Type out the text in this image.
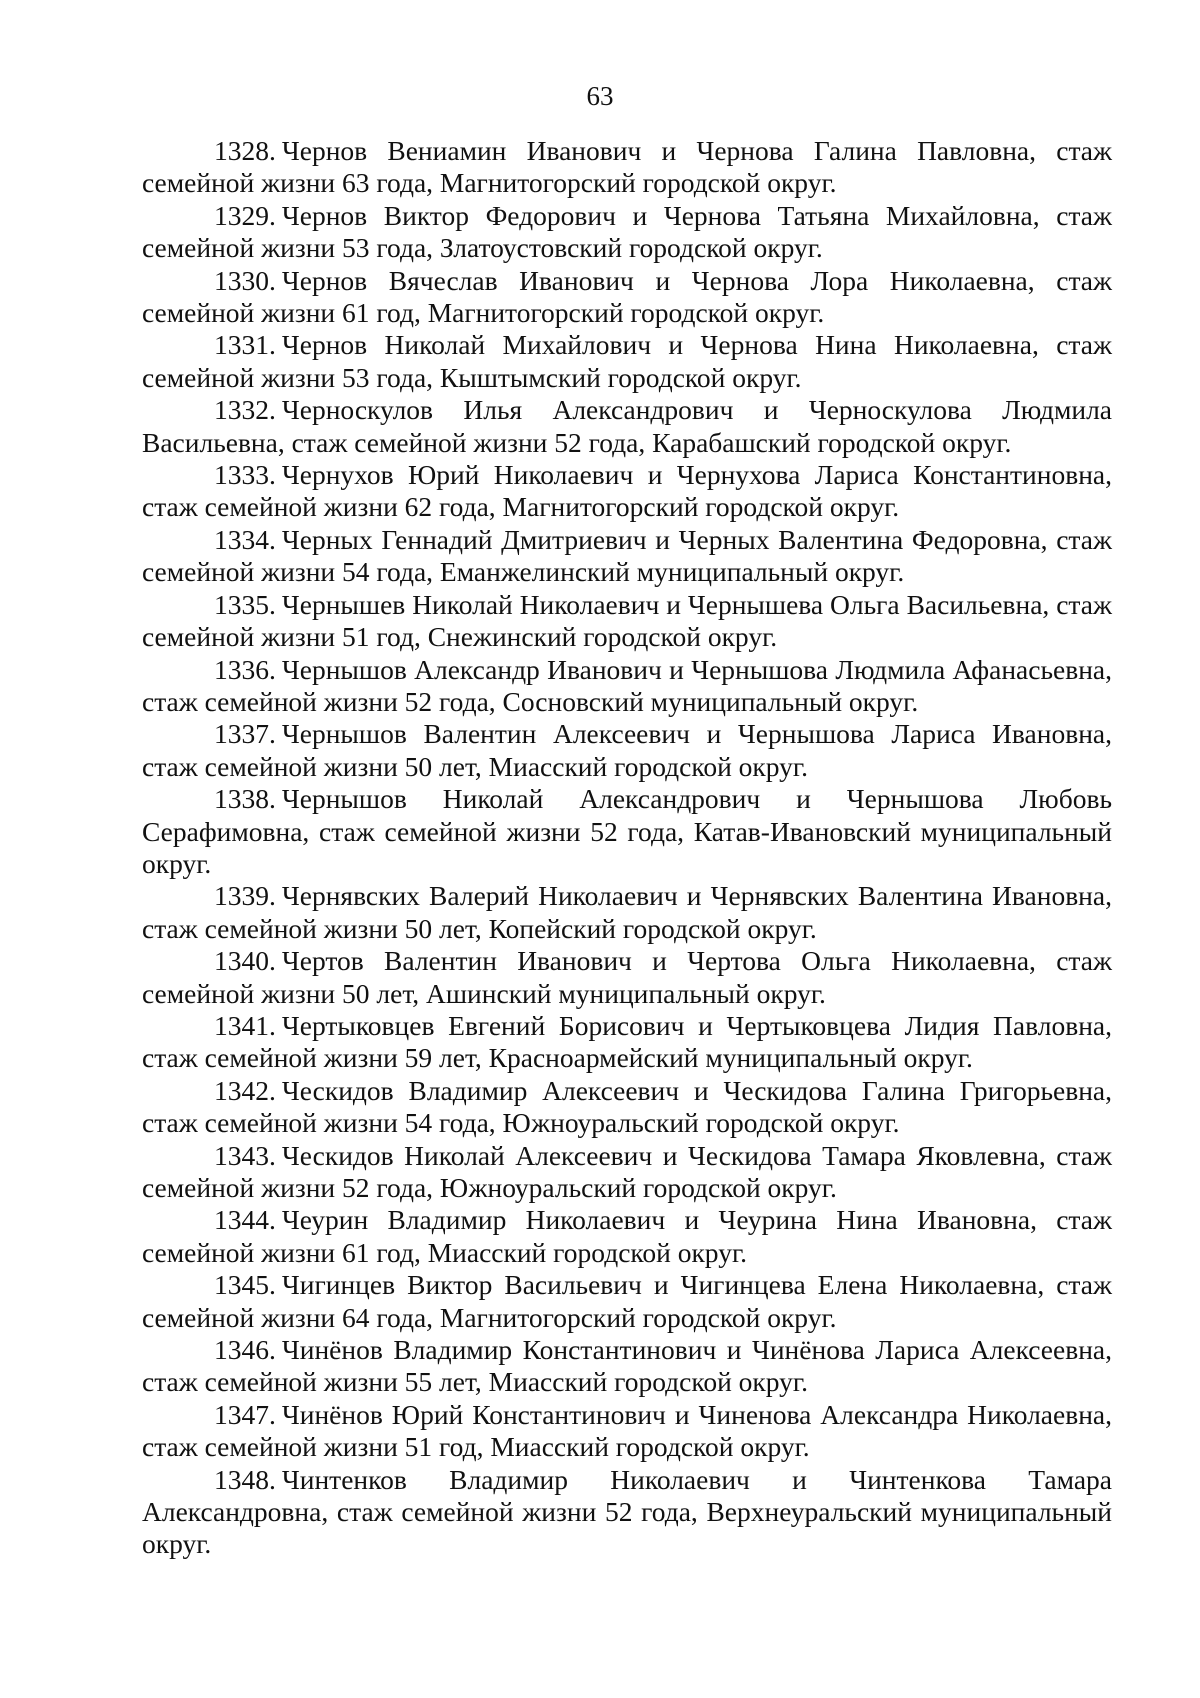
63
1328. Чернов Вениамин Иванович и Чернова Галина Павловна, стаж семейной жизни 63 года, Магнитогорский городской округ.
1329. Чернов Виктор Федорович и Чернова Татьяна Михайловна, стаж семейной жизни 53 года, Златоустовский городской округ.
1330. Чернов Вячеслав Иванович и Чернова Лора Николаевна, стаж семейной жизни 61 год, Магнитогорский городской округ.
1331. Чернов Николай Михайлович и Чернова Нина Николаевна, стаж семейной жизни 53 года, Кыштымский городской округ.
1332. Черноскулов Илья Александрович и Черноскулова Людмила Васильевна, стаж семейной жизни 52 года, Карабашский городской округ.
1333. Чернухов Юрий Николаевич и Чернухова Лариса Константиновна, стаж семейной жизни 62 года, Магнитогорский городской округ.
1334. Черных Геннадий Дмитриевич и Черных Валентина Федоровна, стаж семейной жизни 54 года, Еманжелинский муниципальный округ.
1335. Чернышев Николай Николаевич и Чернышева Ольга Васильевна, стаж семейной жизни 51 год, Снежинский городской округ.
1336. Чернышов Александр Иванович и Чернышова Людмила Афанасьевна, стаж семейной жизни 52 года, Сосновский муниципальный округ.
1337. Чернышов Валентин Алексеевич и Чернышова Лариса Ивановна, стаж семейной жизни 50 лет, Миасский городской округ.
1338. Чернышов Николай Александрович и Чернышова Любовь Серафимовна, стаж семейной жизни 52 года, Катав-Ивановский муниципальный округ.
1339. Чернявских Валерий Николаевич и Чернявских Валентина Ивановна, стаж семейной жизни 50 лет, Копейский городской округ.
1340. Чертов Валентин Иванович и Чертова Ольга Николаевна, стаж семейной жизни 50 лет, Ашинский муниципальный округ.
1341. Чертыковцев Евгений Борисович и Чертыковцева Лидия Павловна, стаж семейной жизни 59 лет, Красноармейский муниципальный округ.
1342. Ческидов Владимир Алексеевич и Ческидова Галина Григорьевна, стаж семейной жизни 54 года, Южноуральский городской округ.
1343. Ческидов Николай Алексеевич и Ческидова Тамара Яковлевна, стаж семейной жизни 52 года, Южноуральский городской округ.
1344. Чеурин Владимир Николаевич и Чеурина Нина Ивановна, стаж семейной жизни 61 год, Миасский городской округ.
1345. Чигинцев Виктор Васильевич и Чигинцева Елена Николаевна, стаж семейной жизни 64 года, Магнитогорский городской округ.
1346. Чинёнов Владимир Константинович и Чинёнова Лариса Алексеевна, стаж семейной жизни 55 лет, Миасский городской округ.
1347. Чинёнов Юрий Константинович и Чиненова Александра Николаевна, стаж семейной жизни 51 год, Миасский городской округ.
1348. Чинтенков Владимир Николаевич и Чинтенкова Тамара Александровна, стаж семейной жизни 52 года, Верхнеуральский муниципальный округ.
